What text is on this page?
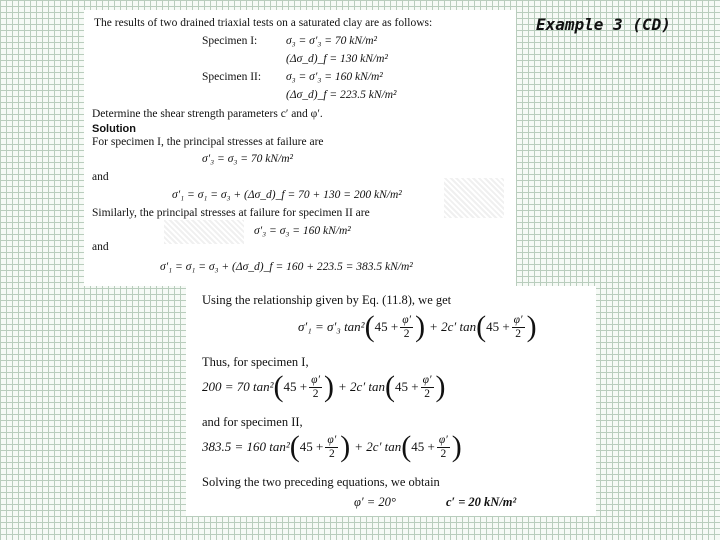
Example 3 (CD)
The results of two drained triaxial tests on a saturated clay are as follows:
Specimen I:	σ₃ = σ′₃ = 70 kN/m²
(Δσ_d)_f = 130 kN/m²
Specimen II: σ₃ = σ′₃ = 160 kN/m²
(Δσ_d)_f = 223.5 kN/m²
Determine the shear strength parameters c′ and φ′.
Solution
For specimen I, the principal stresses at failure are
σ′₃ = σ₃ = 70 kN/m²
and
σ′₁ = σ₁ = σ₃ + (Δσ_d)_f = 70 + 130 = 200 kN/m²
Similarly, the principal stresses at failure for specimen II are
σ′₃ = σ₃ = 160 kN/m²
and
σ′₁ = σ₁ = σ₃ + (Δσ_d)_f = 160 + 223.5 = 383.5 kN/m²
Using the relationship given by Eq. (11.8), we get
σ′₁ = σ′₃ tan² ( $45 + \frac{\varphi'}{2}$ ) + 2c′ tan ( $45 + \frac{\varphi'}{2}$ )
Thus, for specimen I,
200 = 70 tan² ( $45 + \frac{\varphi'}{2}$ ) + 2c′ tan ( $45 + \frac{\varphi'}{2}$ )
and for specimen II,
383.5 = 160 tan² ( $45 + \frac{\varphi'}{2}$ ) + 2c′ tan ( $45 + \frac{\varphi'}{2}$ )
Solving the two preceding equations, we obtain
φ′ = 20°	c′ = 20 kN/m²
